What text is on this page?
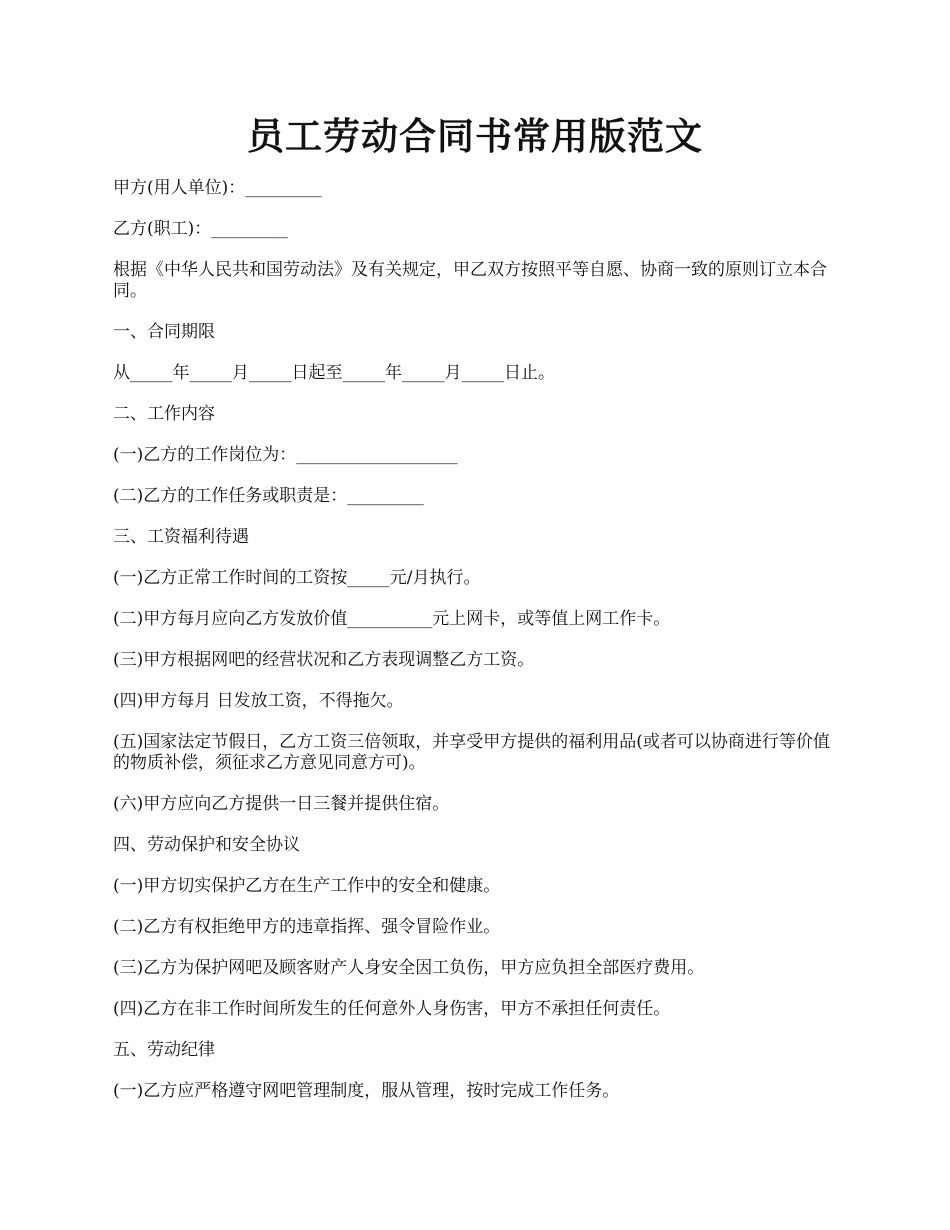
员工劳动合同书常用版范文

甲方(用人单位)：_________

乙方(职工)：_________

根据《中华人民共和国劳动法》及有关规定，甲乙双方按照平等自愿、协商一致的原则订立本合同。

一、合同期限

从_____年_____月_____日起至_____年_____月_____日止。

二、工作内容

(一)乙方的工作岗位为：___________________

(二)乙方的工作任务或职责是：_________

三、工资福利待遇

(一)乙方正常工作时间的工资按_____元/月执行。

(二)甲方每月应向乙方发放价值__________元上网卡，或等值上网工作卡。

(三)甲方根据网吧的经营状况和乙方表现调整乙方工资。

(四)甲方每月 日发放工资，不得拖欠。

(五)国家法定节假日，乙方工资三倍领取，并享受甲方提供的福利用品(或者可以协商进行等价值的物质补偿，须征求乙方意见同意方可)。

(六)甲方应向乙方提供一日三餐并提供住宿。

四、劳动保护和安全协议

(一)甲方切实保护乙方在生产工作中的安全和健康。

(二)乙方有权拒绝甲方的违章指挥、强令冒险作业。

(三)乙方为保护网吧及顾客财产人身安全因工负伤，甲方应负担全部医疗费用。

(四)乙方在非工作时间所发生的任何意外人身伤害，甲方不承担任何责任。

五、劳动纪律

(一)乙方应严格遵守网吧管理制度，服从管理，按时完成工作任务。
